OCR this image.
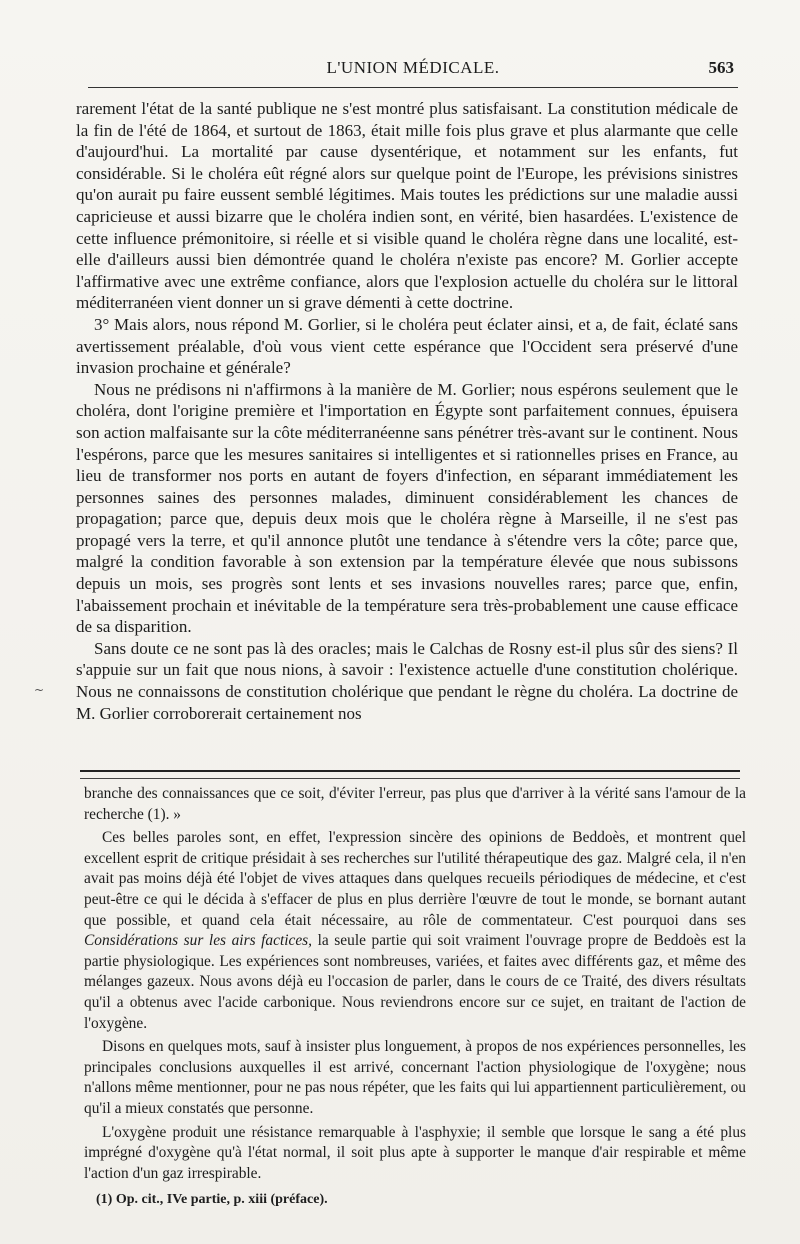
L'UNION MÉDICALE.	563

rarement l'état de la santé publique ne s'est montré plus satisfaisant. La constitution médicale de la fin de l'été de 1864, et surtout de 1863, était mille fois plus grave et plus alarmante que celle d'aujourd'hui. La mortalité par cause dysentérique, et notamment sur les enfants, fut considérable. Si le choléra eût régné alors sur quelque point de l'Europe, les prévisions sinistres qu'on aurait pu faire eussent semblé légitimes. Mais toutes les prédictions sur une maladie aussi capricieuse et aussi bizarre que le choléra indien sont, en vérité, bien hasardées. L'existence de cette influence prémonitoire, si réelle et si visible quand le choléra règne dans une localité, est-elle d'ailleurs aussi bien démontrée quand le choléra n'existe pas encore? M. Gorlier accepte l'affirmative avec une extrême confiance, alors que l'explosion actuelle du choléra sur le littoral méditerranéen vient donner un si grave démenti à cette doctrine.

3° Mais alors, nous répond M. Gorlier, si le choléra peut éclater ainsi, et a, de fait, éclaté sans avertissement préalable, d'où vous vient cette espérance que l'Occident sera préservé d'une invasion prochaine et générale?

Nous ne prédisons ni n'affirmons à la manière de M. Gorlier; nous espérons seulement que le choléra, dont l'origine première et l'importation en Égypte sont parfaitement connues, épuisera son action malfaisante sur la côte méditerranéenne sans pénétrer très-avant sur le continent. Nous l'espérons, parce que les mesures sanitaires si intelligentes et si rationnelles prises en France, au lieu de transformer nos ports en autant de foyers d'infection, en séparant immédiatement les personnes saines des personnes malades, diminuent considérablement les chances de propagation; parce que, depuis deux mois que le choléra règne à Marseille, il ne s'est pas propagé vers la terre, et qu'il annonce plutôt une tendance à s'étendre vers la côte; parce que, malgré la condition favorable à son extension par la température élevée que nous subissons depuis un mois, ses progrès sont lents et ses invasions nouvelles rares; parce que, enfin, l'abaissement prochain et inévitable de la température sera très-probablement une cause efficace de sa disparition.

Sans doute ce ne sont pas là des oracles; mais le Calchas de Rosny est-il plus sûr des siens? Il s'appuie sur un fait que nous nions, à savoir : l'existence actuelle d'une constitution cholérique. Nous ne connaissons de constitution cholérique que pendant le règne du choléra. La doctrine de M. Gorlier corroborerait certainement nos

branche des connaissances que ce soit, d'éviter l'erreur, pas plus que d'arriver à la vérité sans l'amour de la recherche (1). »

Ces belles paroles sont, en effet, l'expression sincère des opinions de Beddoès, et montrent quel excellent esprit de critique présidait à ses recherches sur l'utilité thérapeutique des gaz. Malgré cela, il n'en avait pas moins déjà été l'objet de vives attaques dans quelques recueils périodiques de médecine, et c'est peut-être ce qui le décida à s'effacer de plus en plus derrière l'œuvre de tout le monde, se bornant autant que possible, et quand cela était nécessaire, au rôle de commentateur. C'est pourquoi dans ses Considérations sur les airs factices, la seule partie qui soit vraiment l'ouvrage propre de Beddoès est la partie physiologique. Les expériences sont nombreuses, variées, et faites avec différents gaz, et même des mélanges gazeux. Nous avons déjà eu l'occasion de parler, dans le cours de ce Traité, des divers résultats qu'il a obtenus avec l'acide carbonique. Nous reviendrons encore sur ce sujet, en traitant de l'action de l'oxygène.

Disons en quelques mots, sauf à insister plus longuement, à propos de nos expériences personnelles, les principales conclusions auxquelles il est arrivé, concernant l'action physiologique de l'oxygène; nous n'allons même mentionner, pour ne pas nous répéter, que les faits qui lui appartiennent particulièrement, ou qu'il a mieux constatés que personne.

L'oxygène produit une résistance remarquable à l'asphyxie; il semble que lorsque le sang a été plus imprégné d'oxygène qu'à l'état normal, il soit plus apte à supporter le manque d'air respirable et même l'action d'un gaz irrespirable.

(1) Op. cit., IVe partie, p. xiii (préface).
~
